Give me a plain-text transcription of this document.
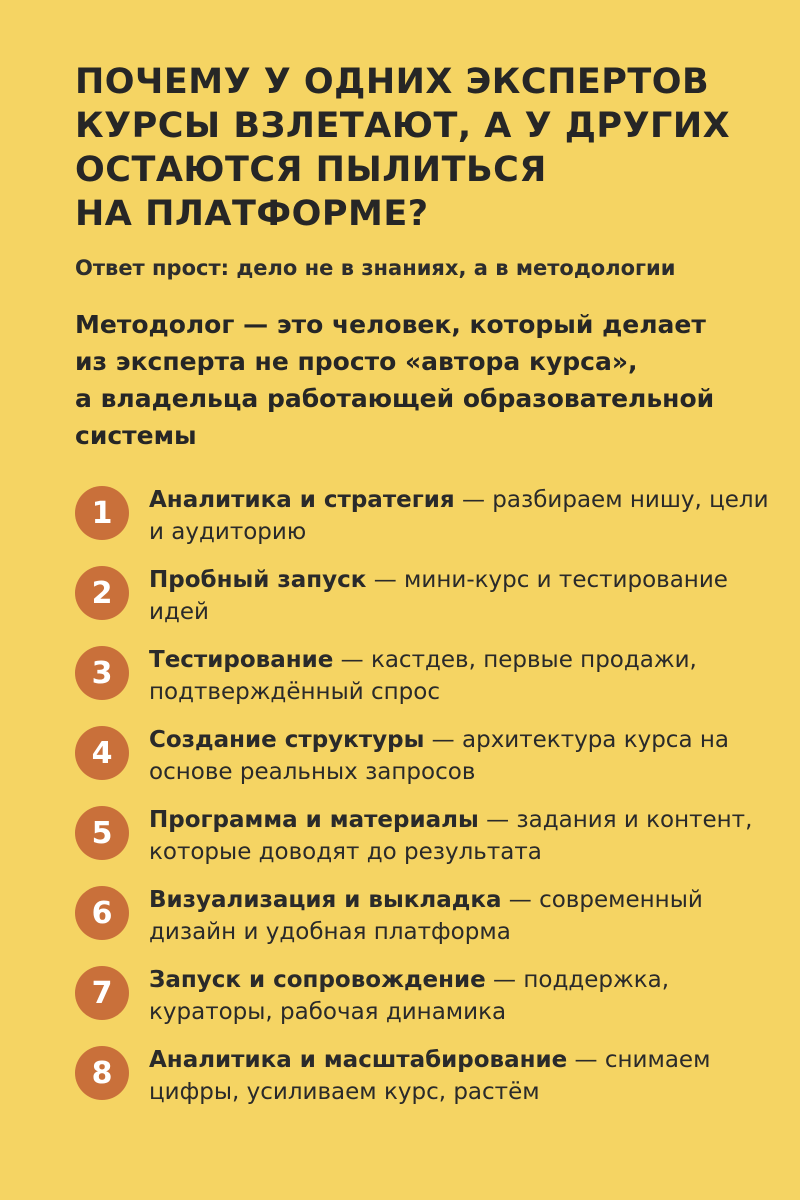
ПОЧЕМУ У ОДНИХ ЭКСПЕРТОВ
КУРСЫ ВЗЛЕТАЮТ, А У ДРУГИХ
ОСТАЮТСЯ ПЫЛИТЬСЯ
НА ПЛАТФОРМЕ?

Ответ прост: дело не в знаниях, а в методологии

Методолог — это человек, который делает
из эксперта не просто «автора курса»,
а владельца работающей образовательной
системы

1	Аналитика и стратегия — разбираем нишу, цели и аудиторию
2	Пробный запуск — мини-курс и тестирование идей
3	Тестирование — кастдев, первые продажи, подтверждённый спрос
4	Создание структуры — архитектура курса на основе реальных запросов
5	Программа и материалы — задания и контент, которые доводят до результата
6	Визуализация и выкладка — современный дизайн и удобная платформа
7	Запуск и сопровождение — поддержка, кураторы, рабочая динамика
8	Аналитика и масштабирование — снимаем цифры, усиливаем курс, растём
